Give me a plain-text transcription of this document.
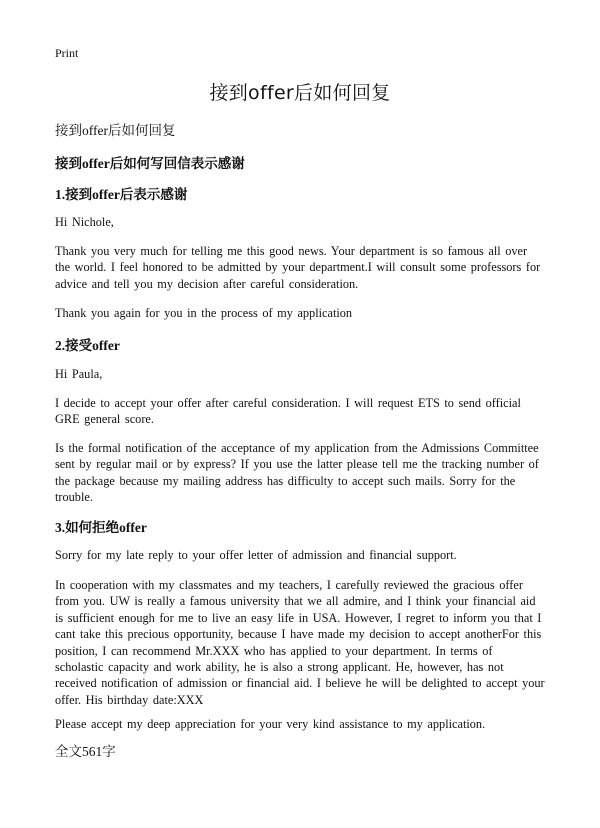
Print
接到offer后如何回复
接到offer后如何回复
接到offer后如何写回信表示感谢
1.接到offer后表示感谢
Hi Nichole,
Thank you very much for telling me this good news. Your department is so famous all over the world. I feel honored to be admitted by your department.I will consult some professors for advice and tell you my decision after careful consideration.
Thank you again for you in the process of my application
2.接受offer
Hi Paula,
I decide to accept your offer after careful consideration. I will request ETS to send official GRE general score.
Is the formal notification of the acceptance of my application from the Admissions Committee sent by regular mail or by express? If you use the latter please tell me the tracking number of the package because my mailing address has difficulty to accept such mails. Sorry for the trouble.
3.如何拒绝offer
Sorry for my late reply to your offer letter of admission and financial support.
In cooperation with my classmates and my teachers, I carefully reviewed the gracious offer from you. UW is really a famous university that we all admire, and I think your financial aid is sufficient enough for me to live an easy life in USA. However, I regret to inform you that I cant take this precious opportunity, because I have made my decision to accept anotherFor this position, I can recommend Mr.XXX who has applied to your department. In terms of scholastic capacity and work ability, he is also a strong applicant. He, however, has not received notification of admission or financial aid. I believe he will be delighted to accept your offer. His birthday date:XXX
Please accept my deep appreciation for your very kind assistance to my application.
全文561字
